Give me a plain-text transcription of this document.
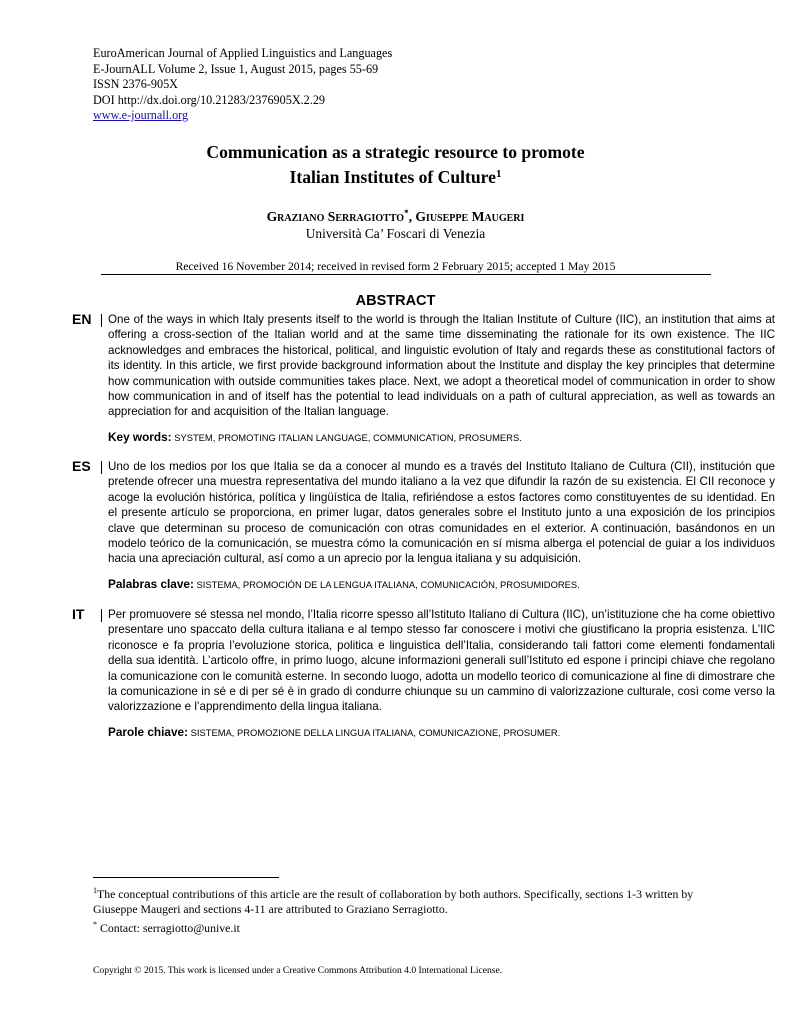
EuroAmerican Journal of Applied Linguistics and Languages
E-JournALL Volume 2, Issue 1, August 2015, pages 55-69
ISSN 2376-905X
DOI http://dx.doi.org/10.21283/2376905X.2.29
www.e-journall.org
Communication as a strategic resource to promote
Italian Institutes of Culture$^1$
Graziano Serragiotto*, Giuseppe Maugeri
Università Ca’ Foscari di Venezia
Received 16 November 2014; received in revised form 2 February 2015; accepted 1 May 2015
ABSTRACT
EN	One of the ways in which Italy presents itself to the world is through the Italian Institute of Culture (IIC), an institution that aims at offering a cross-section of the Italian world and at the same time disseminating the rationale for its own existence. The IIC acknowledges and embraces the historical, political, and linguistic evolution of Italy and regards these as constitutional factors of its identity. In this article, we first provide background information about the Institute and display the key principles that determine how communication with outside communities takes place. Next, we adopt a theoretical model of communication in order to show how communication in and of itself has the potential to lead individuals on a path of cultural appreciation, as well as towards an appreciation for and acquisition of the Italian language.
Key words: SYSTEM, PROMOTING ITALIAN LANGUAGE, COMMUNICATION, PROSUMERS.
ES	Uno de los medios por los que Italia se da a conocer al mundo es a través del Instituto Italiano de Cultura (CII), institución que pretende ofrecer una muestra representativa del mundo italiano a la vez que difundir la razón de su existencia. El CII reconoce y acoge la evolución histórica, política y lingüística de Italia, refiriéndose a estos factores como constituyentes de su identidad. En el presente artículo se proporciona, en primer lugar, datos generales sobre el Instituto junto a una exposición de los principios clave que determinan su proceso de comunicación con otras comunidades en el exterior. A continuación, basándonos en un modelo teórico de la comunicación, se muestra cómo la comunicación en sí misma alberga el potencial de guiar a los individuos hacia una apreciación cultural, así como a un aprecio por la lengua italiana y su adquisición.
Palabras clave: SISTEMA, PROMOCIÓN DE LA LENGUA ITALIANA, COMUNICACIÓN, PROSUMIDORES.
IT	Per promuovere sé stessa nel mondo, l’Italia ricorre spesso all’Istituto Italiano di Cultura (IIC), un’istituzione che ha come obiettivo presentare uno spaccato della cultura italiana e al tempo stesso far conoscere i motivi che giustificano la propria esistenza. L’IIC riconosce e fa propria l’evoluzione storica, politica e linguistica dell’Italia, considerando tali fattori come elementi fondamentali della sua identità. L’articolo offre, in primo luogo, alcune informazioni generali sull’Istituto ed espone i principi chiave che regolano la comunicazione con le comunità esterne. In secondo luogo, adotta un modello teorico di comunicazione al fine di dimostrare che la comunicazione in sé e di per sé è in grado di condurre chiunque su un cammino di valorizzazione culturale, così come verso la valorizzazione e l’apprendimento della lingua italiana.
Parole chiave: SISTEMA, PROMOZIONE DELLA LINGUA ITALIANA, COMUNICAZIONE, PROSUMER.
$^1$The conceptual contributions of this article are the result of collaboration by both authors. Specifically, sections 1-3 written by Giuseppe Maugeri and sections 4-11 are attributed to Graziano Serragiotto.
* Contact: serragiotto@unive.it
Copyright © 2015. This work is licensed under a Creative Commons Attribution 4.0 International License.
